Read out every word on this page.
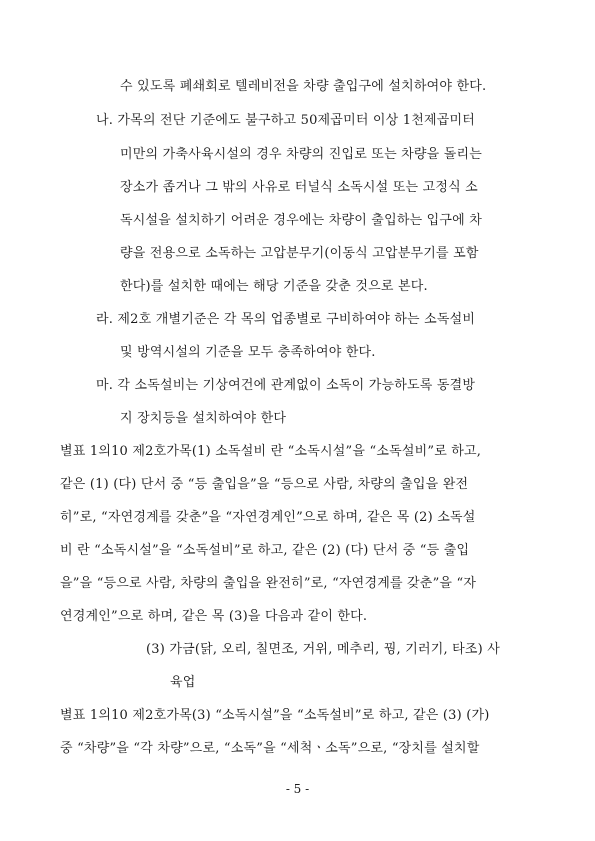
수 있도록 폐쇄회로 텔레비전을 차량 출입구에 설치하여야 한다.
나. 가목의 전단 기준에도 불구하고 50제곱미터 이상 1천제곱미터
미만의 가축사육시설의 경우 차량의 진입로 또는 차량을 돌리는
장소가 좁거나 그 밖의 사유로 터널식 소독시설 또는 고정식 소
독시설을 설치하기 어려운 경우에는 차량이 출입하는 입구에 차
량을 전용으로 소독하는 고압분무기(이동식 고압분무기를 포함
한다)를 설치한 때에는 해당 기준을 갖춘 것으로 본다.
라. 제2호 개별기준은 각 목의 업종별로 구비하여야 하는 소독설비
및 방역시설의 기준을 모두 충족하여야 한다.
마. 각 소독설비는 기상여건에 관계없이 소독이 가능하도록 동결방
지 장치등을 설치하여야 한다
별표 1의10 제2호가목(1) 소독설비 란 “소독시설”을 “소독설비”로 하고,
같은 (1) (다) 단서 중 “등 출입을”을 “등으로 사람, 차량의 출입을 완전
히”로, “자연경계를 갖춘”을 “자연경계인”으로 하며, 같은 목 (2) 소독설
비 란 “소독시설”을 “소독설비”로 하고, 같은 (2) (다) 단서 중 “등 출입
을”을 “등으로 사람, 차량의 출입을 완전히”로, “자연경계를 갖춘”을 “자
연경계인”으로 하며, 같은 목 (3)을 다음과 같이 한다.
(3) 가금(닭, 오리, 칠면조, 거위, 메추리, 꿩, 기러기, 타조) 사
육업
별표 1의10 제2호가목(3) “소독시설”을 “소독설비”로 하고, 같은 (3) (가)
중 “차량”을 “각 차량”으로, “소독”을 “세척ㆍ소독”으로, “장치를 설치할
- 5 -
